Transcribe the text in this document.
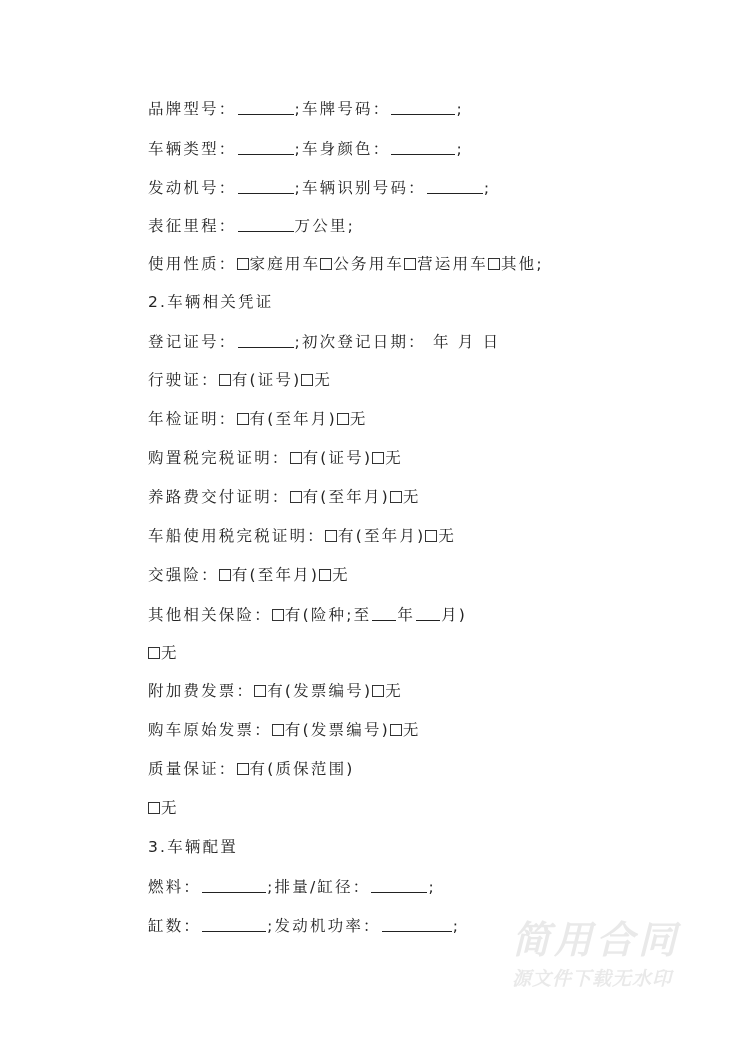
品牌型号：	;车牌号码：	;
车辆类型：	;车身颜色：	;
发动机号：	;车辆识别号码：	;
表征里程：	万公里;
使用性质： 家庭用车 公务用车 营运用车 其他;
2.车辆相关凭证
登记证号：	;初次登记日期： 年 月 日
行驶证： 有(证号) 无
年检证明： 有(至年月) 无
购置税完税证明： 有(证号) 无
养路费交付证明： 有(至年月) 无
车船使用税完税证明： 有(至年月) 无
交强险： 有(至年月) 无
其他相关保险： 有(险种;至 年 月)
无
附加费发票： 有(发票编号) 无
购车原始发票： 有(发票编号) 无
质量保证： 有(质保范围)
无
3.车辆配置
燃料：	;排量/缸径：	;
缸数：	;发动机功率：	; 简用合同
源文件下载无水印
